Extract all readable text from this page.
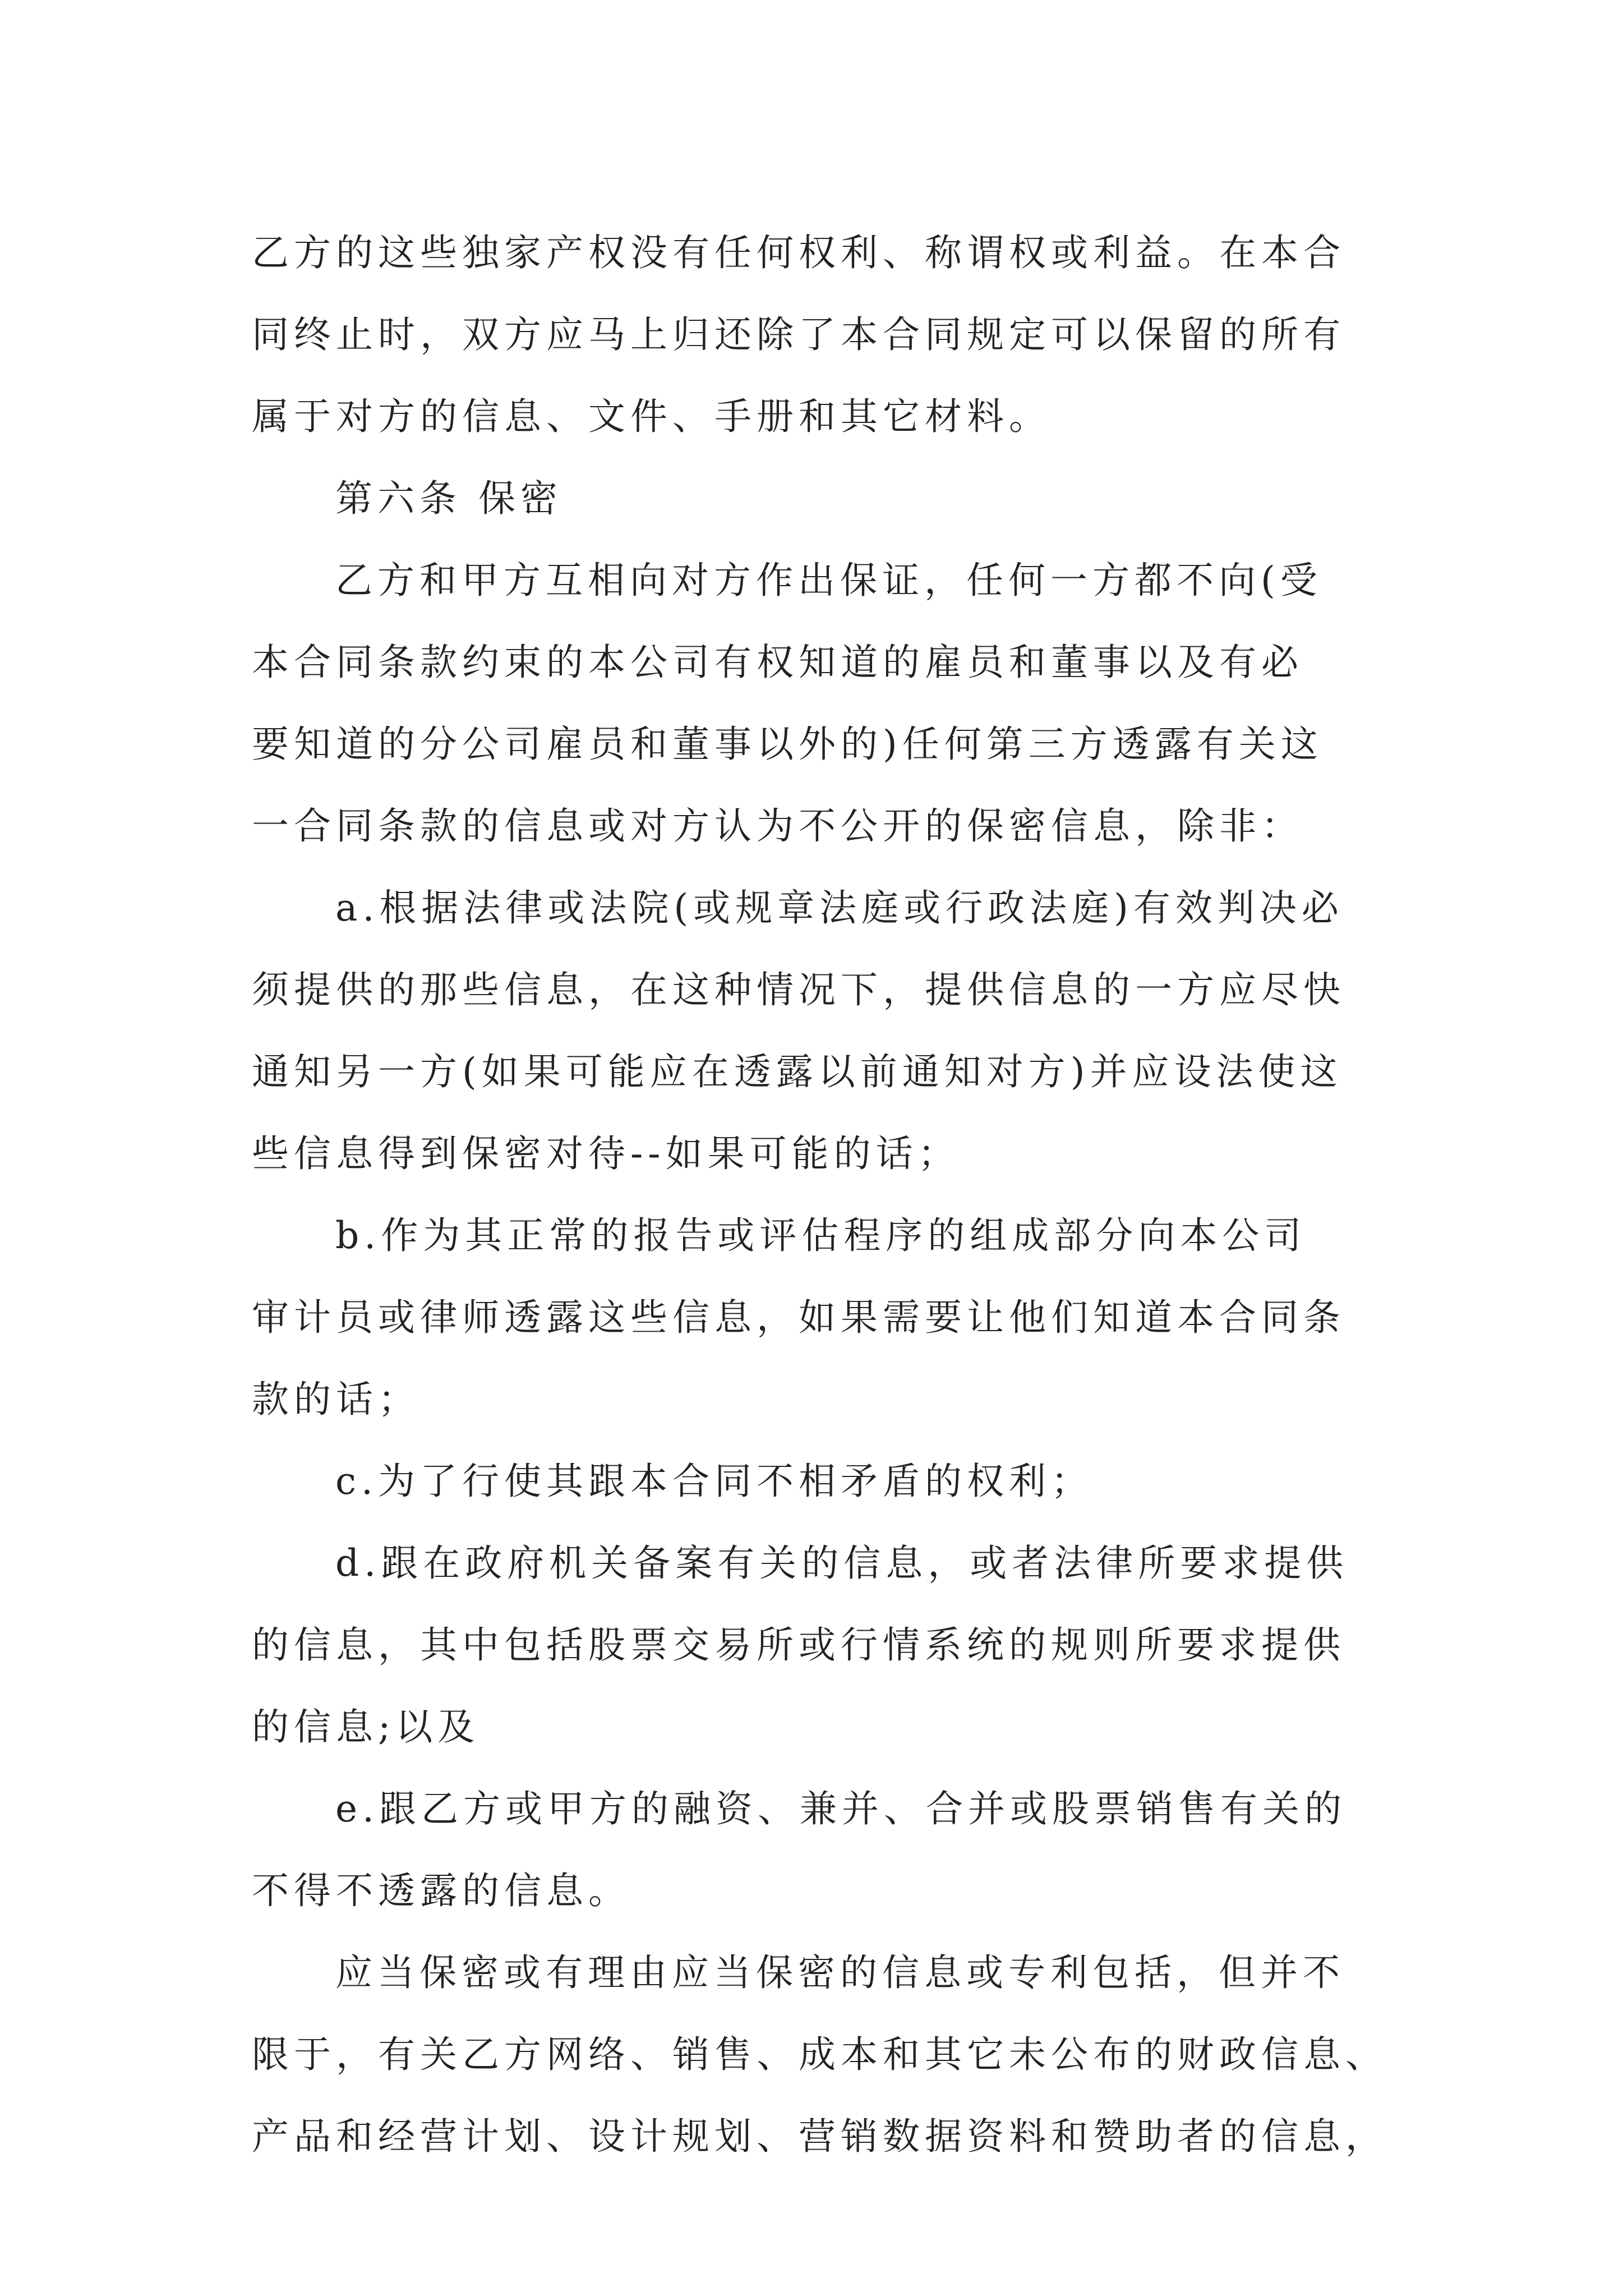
乙方的这些独家产权没有任何权利、称谓权或利益。在本合
同终止时，双方应马上归还除了本合同规定可以保留的所有
属于对方的信息、文件、手册和其它材料。
第六条 保密
乙方和甲方互相向对方作出保证，任何一方都不向(受
本合同条款约束的本公司有权知道的雇员和董事以及有必
要知道的分公司雇员和董事以外的)任何第三方透露有关这
一合同条款的信息或对方认为不公开的保密信息，除非：
a.根据法律或法院(或规章法庭或行政法庭)有效判决必
须提供的那些信息，在这种情况下，提供信息的一方应尽快
通知另一方(如果可能应在透露以前通知对方)并应设法使这
些信息得到保密对待--如果可能的话；
b.作为其正常的报告或评估程序的组成部分向本公司
审计员或律师透露这些信息，如果需要让他们知道本合同条
款的话；
c.为了行使其跟本合同不相矛盾的权利；
d.跟在政府机关备案有关的信息，或者法律所要求提供
的信息，其中包括股票交易所或行情系统的规则所要求提供
的信息;以及
e.跟乙方或甲方的融资、兼并、合并或股票销售有关的
不得不透露的信息。
应当保密或有理由应当保密的信息或专利包括，但并不
限于，有关乙方网络、销售、成本和其它未公布的财政信息、
产品和经营计划、设计规划、营销数据资料和赞助者的信息，
